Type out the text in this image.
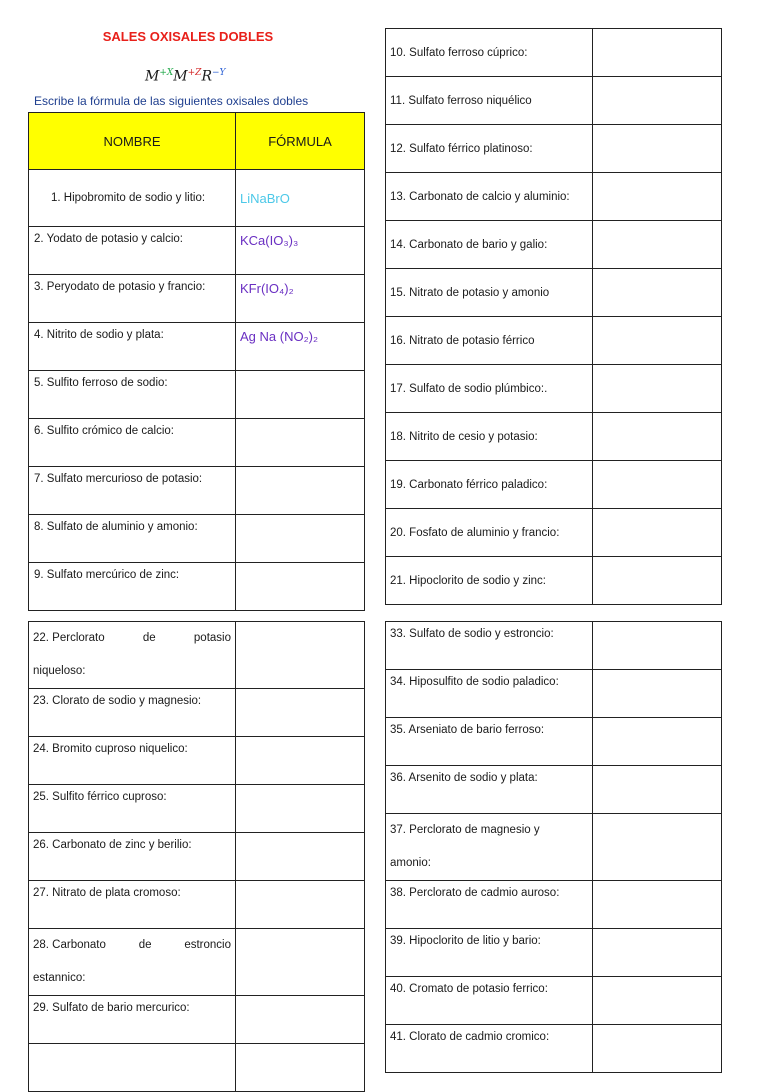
SALES OXISALES DOBLES
$M^{+X}M^{+Z}R^{-Y}$
Escribe la fórmula de las siguientes oxisales dobles
NOMBRE	FÓRMULA
1. Hipobromito de sodio y litio:	LiNaBrO
2. Yodato de potasio y calcio:	KCa(IO₃)₃
3. Peryodato de potasio y francio:	KFr(IO₄)₂
4. Nitrito de sodio y plata:	Ag Na (NO₂)₂
5. Sulfito ferroso de sodio:	
6. Sulfito crómico de calcio:	
7. Sulfato mercurioso de potasio:	
8. Sulfato de aluminio y amonio:	
9. Sulfato mercúrico de zinc:	
10. Sulfato ferroso cúprico:	
11. Sulfato ferroso niquélico	
12. Sulfato férrico platinoso:	
13. Carbonato de calcio y aluminio:	
14. Carbonato de bario y galio:	
15. Nitrato de potasio y amonio	
16. Nitrato de potasio férrico	
17. Sulfato de sodio plúmbico:.	
18. Nitrito de cesio y potasio:	
19. Carbonato férrico paladico:	
20. Fosfato de aluminio y francio:	
21. Hipoclorito de sodio y zinc:	
22. Perclorato de potasio
niqueloso:	

23. Clorato de sodio y magnesio:	
24. Bromito cuproso niquelico:	
25. Sulfito férrico cuproso:	
26. Carbonato de zinc y berilio:	
27. Nitrato de plata cromoso:	

28. Carbonato de estroncio
estannico:	

29. Sulfato de bario mercurico:	

33. Sulfato de sodio y estroncio:	
34. Hiposulfito de sodio paladico:	
35. Arseniato de bario ferroso:	
36. Arsenito de sodio y plata:	

37. Perclorato de magnesio y
amonio:	

38. Perclorato de cadmio auroso:	
39. Hipoclorito de litio y bario:	
40. Cromato de potasio ferrico:	
41. Clorato de cadmio cromico:	
